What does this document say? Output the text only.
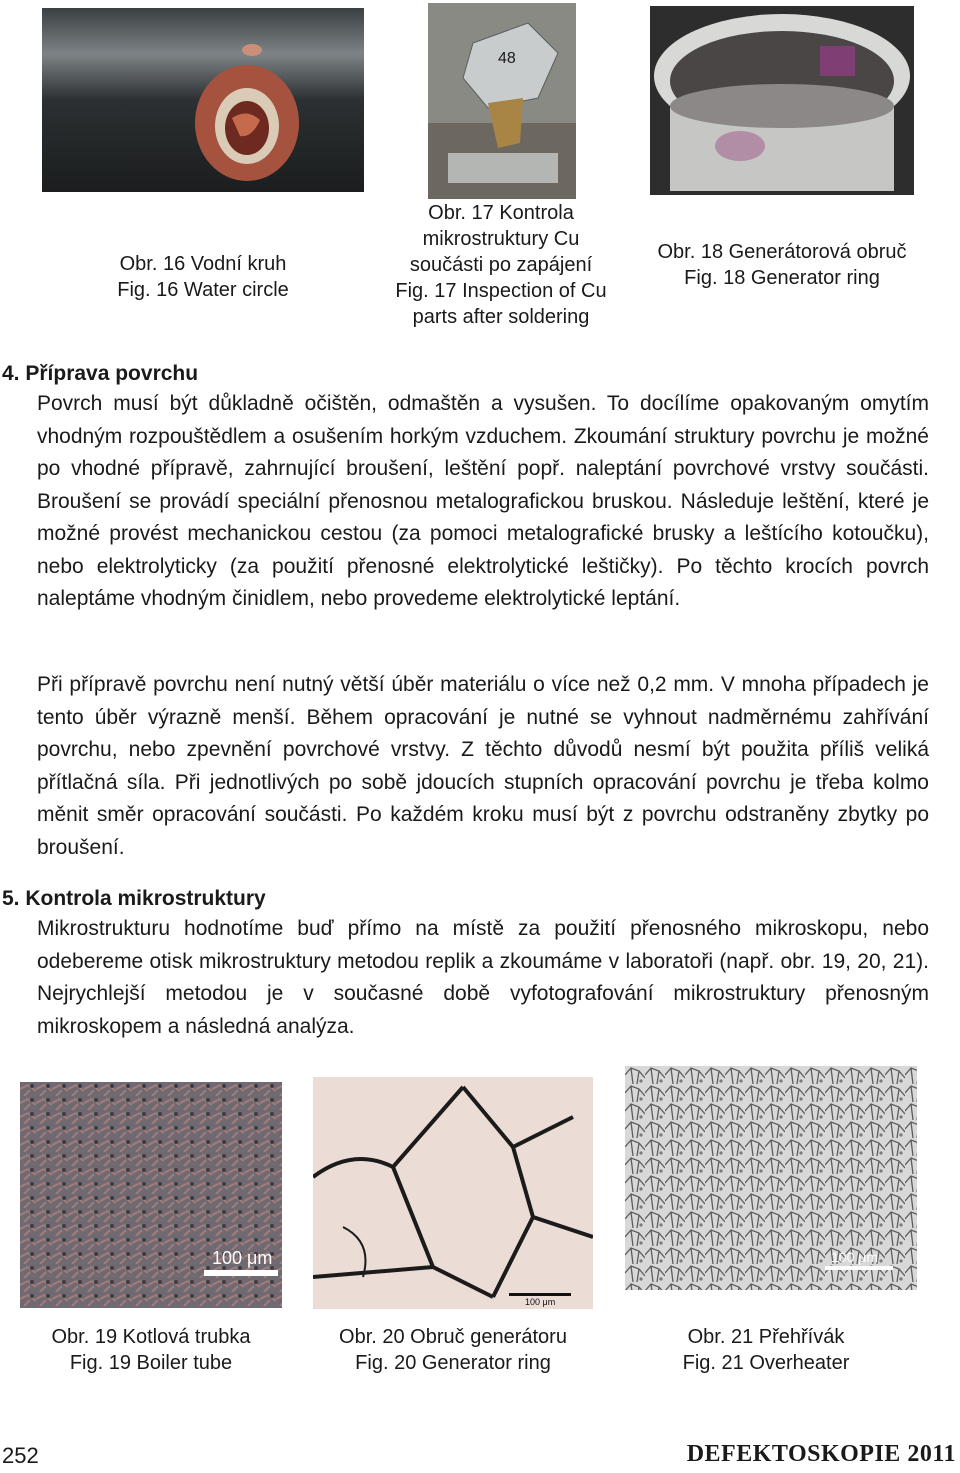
48
Obr. 16 Vodní kruh
Fig. 16 Water circle
Obr. 17 Kontrola mikrostruktury Cu součásti po zapájení
Fig. 17 Inspection of Cu parts after soldering
Obr. 18 Generátorová obruč
Fig. 18 Generator ring
4. Příprava povrchu

Povrch musí být důkladně očištěn, odmaštěn a vysušen. To docílíme opakovaným omytím vhodným rozpouštědlem a osušením horkým vzduchem. Zkoumání struktury povrchu je možné po vhodné přípravě, zahrnující broušení, leštění popř. naleptání povrchové vrstvy součásti. Broušení se provádí speciální přenosnou metalografickou bruskou. Následuje leštění, které je možné provést mechanickou cestou (za pomoci metalografické brusky a leštícího kotoučku), nebo elektrolyticky (za použití přenosné elektrolytické leštičky). Po těchto krocích povrch naleptáme vhodným činidlem, nebo provedeme elektrolytické leptání.

Při přípravě povrchu není nutný větší úběr materiálu o více než 0,2 mm. V mnoha případech je tento úběr výrazně menší. Během opracování je nutné se vyhnout nadměrnému zahřívání povrchu, nebo zpevnění povrchové vrstvy. Z těchto důvodů nesmí být použita příliš veliká přítlačná síla. Při jednotlivých po sobě jdoucích stupních opracování povrchu je třeba kolmo měnit směr opracování součásti. Po každém kroku musí být z povrchu odstraněny zbytky po broušení.

5. Kontrola mikrostruktury

Mikrostrukturu hodnotíme buď přímo na místě za použití přenosného mikroskopu, nebo odebereme otisk mikrostruktury metodou replik a zkoumáme v laboratoři (např. obr. 19, 20, 21). Nejrychlejší metodou je v současné době vyfotografování mikrostruktury přenosným mikroskopem a následná analýza.

100 μm
100 μm
100 μm
Obr. 19 Kotlová trubka
Fig. 19 Boiler tube
Obr. 20 Obruč generátoru
Fig. 20 Generator ring
Obr. 21 Přehřívák
Fig. 21 Overheater
252	DEFEKTOSKOPIE 2011
